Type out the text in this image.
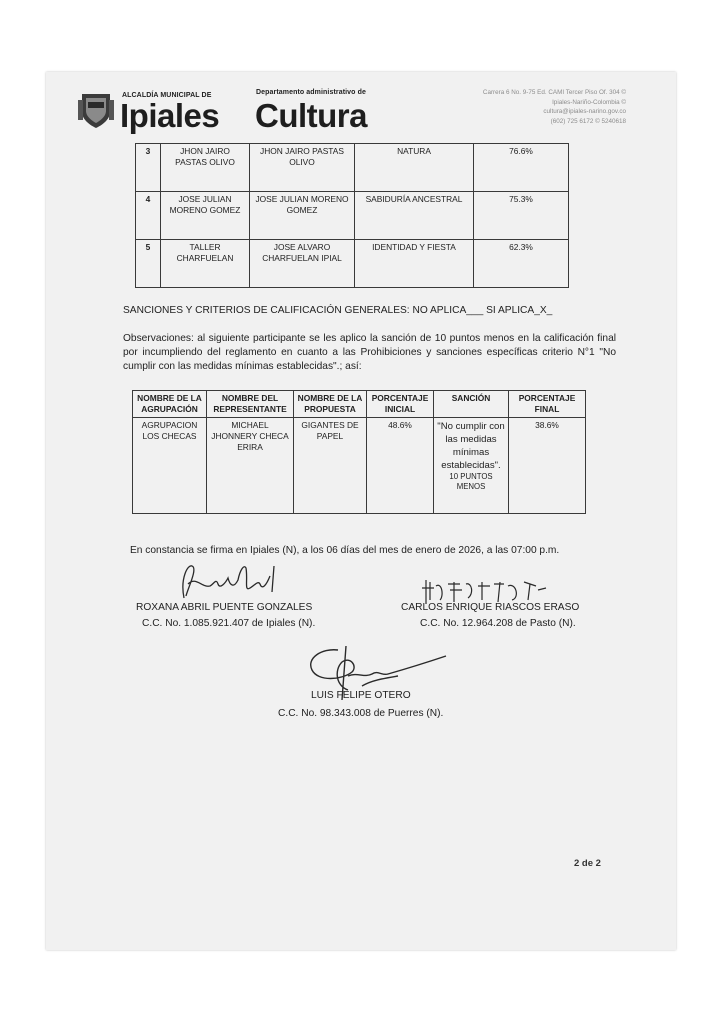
ALCALDÍA MUNICIPAL DE	Departamento administrativo de
Ipiales Cultura
Carrera 6 No. 9-75 Ed. CAMI Tercer Piso Of. 304 ©
Ipiales-Nariño-Colombia ©
cultura@ipiales-narino.gov.co
(602) 725 6172 © 5240618
3	JHON JAIRO PASTAS OLIVO	JHON JAIRO PASTAS OLIVO	NATURA	76.6%
4	JOSE JULIAN MORENO GOMEZ	JOSE JULIAN MORENO GOMEZ	SABIDURÍA ANCESTRAL	75.3%
5	TALLER CHARFUELAN	JOSE ALVARO CHARFUELAN IPIAL	IDENTIDAD Y FIESTA	62.3%
SANCIONES Y CRITERIOS DE CALIFICACIÓN GENERALES: NO APLICA___ SI APLICA_X_
Observaciones: al siguiente participante se les aplico la sanción de 10 puntos menos en la calificación final por incumpliendo del reglamento en cuanto a las Prohibiciones y sanciones específicas criterio N°1 "No cumplir con las medidas mínimas establecidas".; así:
NOMBRE DE LA AGRUPACIÓN	NOMBRE DEL REPRESENTANTE	NOMBRE DE LA PROPUESTA	PORCENTAJE INICIAL	SANCIÓN	PORCENTAJE FINAL
AGRUPACION LOS CHECAS	MICHAEL JHONNERY CHECA ERIRA	GIGANTES DE PAPEL	48.6%	"No cumplir con las medidas mínimas establecidas".
10 PUNTOS MENOS	38.6%
En constancia se firma en Ipiales (N), a los 06 días del mes de enero de 2026, a las 07:00 p.m.
ROXANA ABRIL PUENTE GONZALES
C.C. No. 1.085.921.407 de Ipiales (N).
CARLOS ENRIQUE RIASCOS ERASO
C.C. No. 12.964.208 de Pasto (N).
LUIS FELIPE OTERO
C.C. No. 98.343.008 de Puerres (N).
2 de 2
